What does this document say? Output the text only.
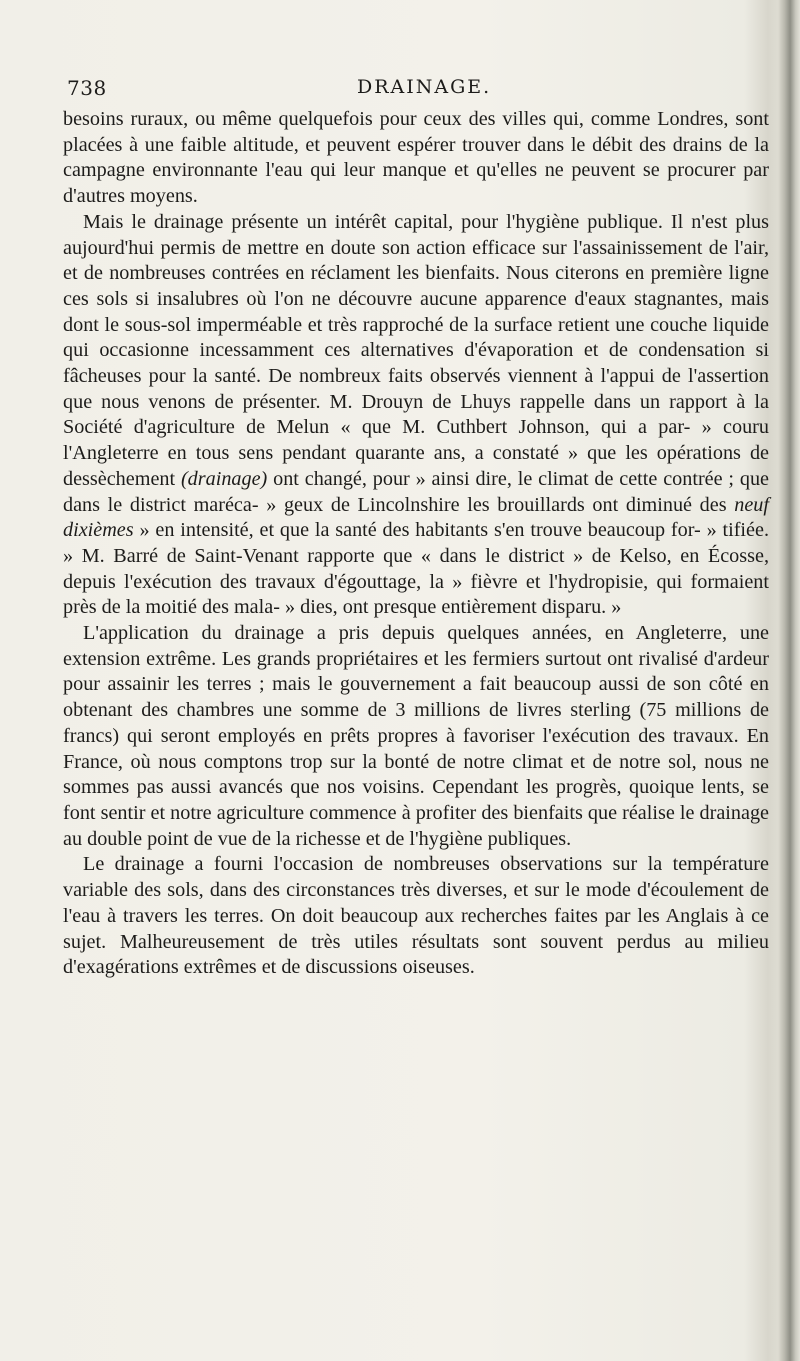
738	DRAINAGE.

besoins ruraux, ou même quelquefois pour ceux des villes qui, comme Londres, sont placées à une faible altitude, et peuvent espérer trouver dans le débit des drains de la campagne environnante l'eau qui leur manque et qu'elles ne peuvent se procurer par d'autres moyens.

Mais le drainage présente un intérêt capital, pour l'hygiène publique. Il n'est plus aujourd'hui permis de mettre en doute son action efficace sur l'assainissement de l'air, et de nombreuses contrées en réclament les bienfaits. Nous citerons en première ligne ces sols si insalubres où l'on ne découvre aucune apparence d'eaux stagnantes, mais dont le sous-sol imperméable et très rapproché de la surface retient une couche liquide qui occasionne incessamment ces alternatives d'évaporation et de condensation si fâcheuses pour la santé. De nombreux faits observés viennent à l'appui de l'assertion que nous venons de présenter. M. Drouyn de Lhuys rappelle dans un rapport à la Société d'agriculture de Melun « que M. Cuthbert Johnson, qui a par- » couru l'Angleterre en tous sens pendant quarante ans, a constaté » que les opérations de dessèchement (drainage) ont changé, pour » ainsi dire, le climat de cette contrée ; que dans le district maréca- » geux de Lincolnshire les brouillards ont diminué des neuf dixièmes » en intensité, et que la santé des habitants s'en trouve beaucoup for- » tifiée. » M. Barré de Saint-Venant rapporte que « dans le district » de Kelso, en Écosse, depuis l'exécution des travaux d'égouttage, la » fièvre et l'hydropisie, qui formaient près de la moitié des mala- » dies, ont presque entièrement disparu. »

L'application du drainage a pris depuis quelques années, en Angleterre, une extension extrême. Les grands propriétaires et les fermiers surtout ont rivalisé d'ardeur pour assainir les terres ; mais le gouvernement a fait beaucoup aussi de son côté en obtenant des chambres une somme de 3 millions de livres sterling (75 millions de francs) qui seront employés en prêts propres à favoriser l'exécution des travaux. En France, où nous comptons trop sur la bonté de notre climat et de notre sol, nous ne sommes pas aussi avancés que nos voisins. Cependant les progrès, quoique lents, se font sentir et notre agriculture commence à profiter des bienfaits que réalise le drainage au double point de vue de la richesse et de l'hygiène publiques.

Le drainage a fourni l'occasion de nombreuses observations sur la température variable des sols, dans des circonstances très diverses, et sur le mode d'écoulement de l'eau à travers les terres. On doit beaucoup aux recherches faites par les Anglais à ce sujet. Malheureusement de très utiles résultats sont souvent perdus au milieu d'exagérations extrêmes et de discussions oiseuses.
